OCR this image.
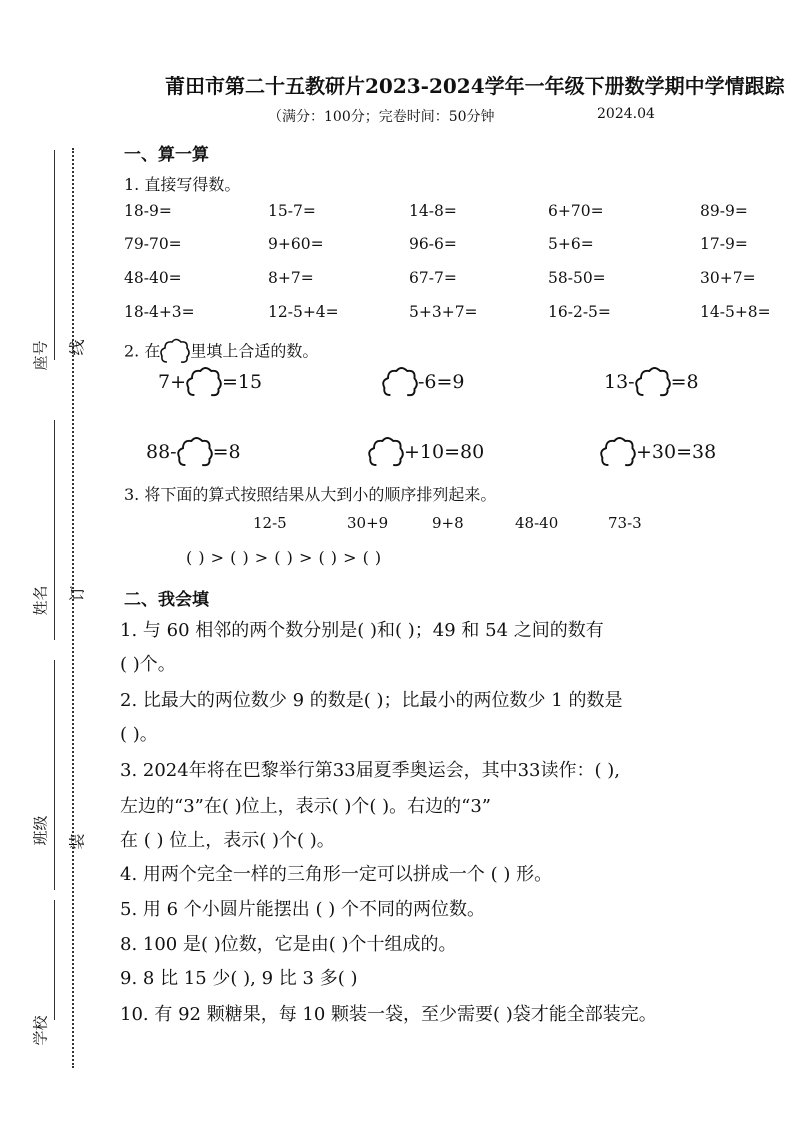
座号
姓名
班级
学校
线
订
装
莆田市第二十五教研片2023-2024学年一年级下册数学期中学情跟踪
（满分：100分；完卷时间：50分钟	2024.04
一、算一算
1. 直接写得数。
18-9=	15-7=	14-8=	6+70=	89-9=
79-70=	9+60=	96-6=	5+6=	17-9=
48-40=	8+7=	67-7=	58-50=	30+7=
18-4+3=	12-5+4=	5+3+7=	16-2-5=	14-5+8=
2. 在 里填上合适的数。
7+ =15	-6=9	13- =8
88- =8	+10=80	+30=38
3. 将下面的算式按照结果从大到小的顺序排列起来。
12-5	30+9	9+8	48-40	73-3
( ) > ( ) > ( ) > ( ) > ( )
二、我会填
1. 与 60 相邻的两个数分别是( )和( )；49 和 54 之间的数有
( )个。
2. 比最大的两位数少 9 的数是( )；比最小的两位数少 1 的数是
( )。
3. 2024年将在巴黎举行第33届夏季奥运会，其中33读作：( ),
左边的“3”在( )位上，表示( )个( )。右边的“3”
在 ( ) 位上，表示( )个( )。
4. 用两个完全一样的三角形一定可以拼成一个 ( ) 形。
5. 用 6 个小圆片能摆出 ( ) 个不同的两位数。
8. 100 是( )位数，它是由( )个十组成的。
9. 8 比 15 少( ), 9 比 3 多( )
10. 有 92 颗糖果，每 10 颗装一袋，至少需要( )袋才能全部装完。
